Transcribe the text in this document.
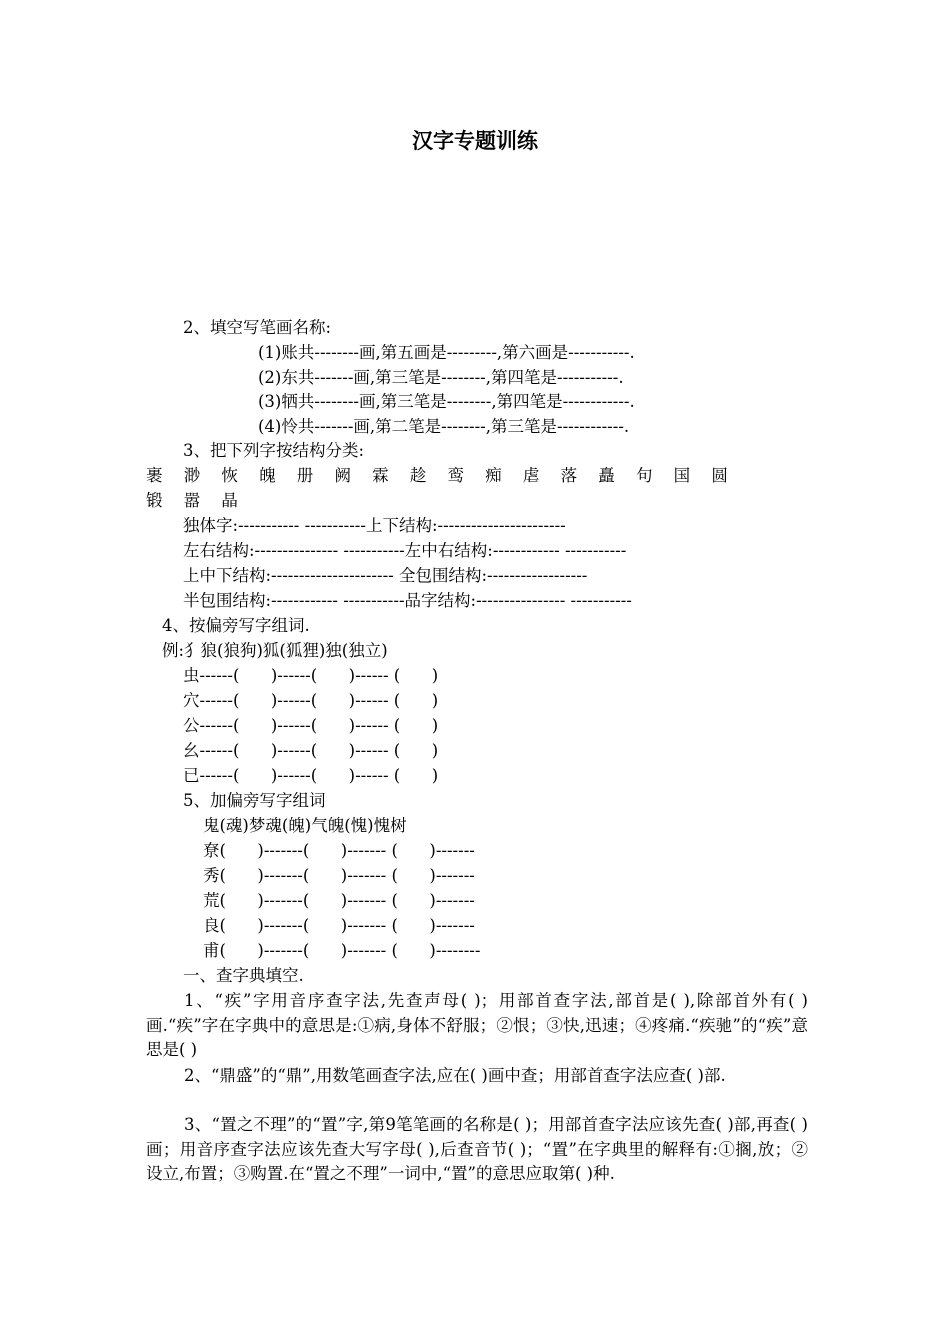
汉字专题训练
2、填空写笔画名称:
(1)账共--------画,第五画是---------,第六画是-----------.
(2)东共-------画,第三笔是--------,第四笔是-----------.
(3)牺共--------画,第三笔是--------,第四笔是------------.
(4)怜共-------画,第二笔是--------,第三笔是------------.
3、把下列字按结构分类:
裹	渺	恢	魄	册	阙	霖	趁	鸾	痴	虐	落	矗	句	国	圆
锻	嚣	晶
独体字:----------- -----------上下结构:-----------------------
左右结构:--------------- -----------左中右结构:------------ -----------
上中下结构:---------------------- 全包围结构:------------------
半包围结构:------------ -----------品字结构:---------------- -----------
4、按偏旁写字组词.
例:犭狼(狼狗)狐(狐狸)独(独立)
虫------(      )------(      )------ (      )
穴------(      )------(      )------ (      )
公------(      )------(      )------ (      )
幺------(      )------(      )------ (      )
已------(      )------(      )------ (      )
5、加偏旁写字组词
鬼(魂)梦魂(魄)气魄(愧)愧树
尞(      )-------(      )------- (      )-------
秀(      )-------(      )------- (      )-------
荒(      )-------(      )------- (      )-------
良(      )-------(      )------- (      )-------
甫(      )-------(      )------- (      )--------
一、查字典填空.
1、“疾”字用音序查字法,先查声母( )；用部首查字法,部首是( ),除部首外有( )画.“疾”字在字典中的意思是:①病,身体不舒服；②恨；③快,迅速；④疼痛.“疾驰”的“疾”意思是( )
2、“鼎盛”的“鼎”,用数笔画查字法,应在( )画中查；用部首查字法应查( )部.
3、“置之不理”的“置”字,第9笔笔画的名称是( )；用部首查字法应该先查( )部,再查( )画；用音序查字法应该先查大写字母( ),后查音节( )；“置”在字典里的解释有:①搁,放；②设立,布置；③购置.在“置之不理”一词中,“置”的意思应取第( )种.
